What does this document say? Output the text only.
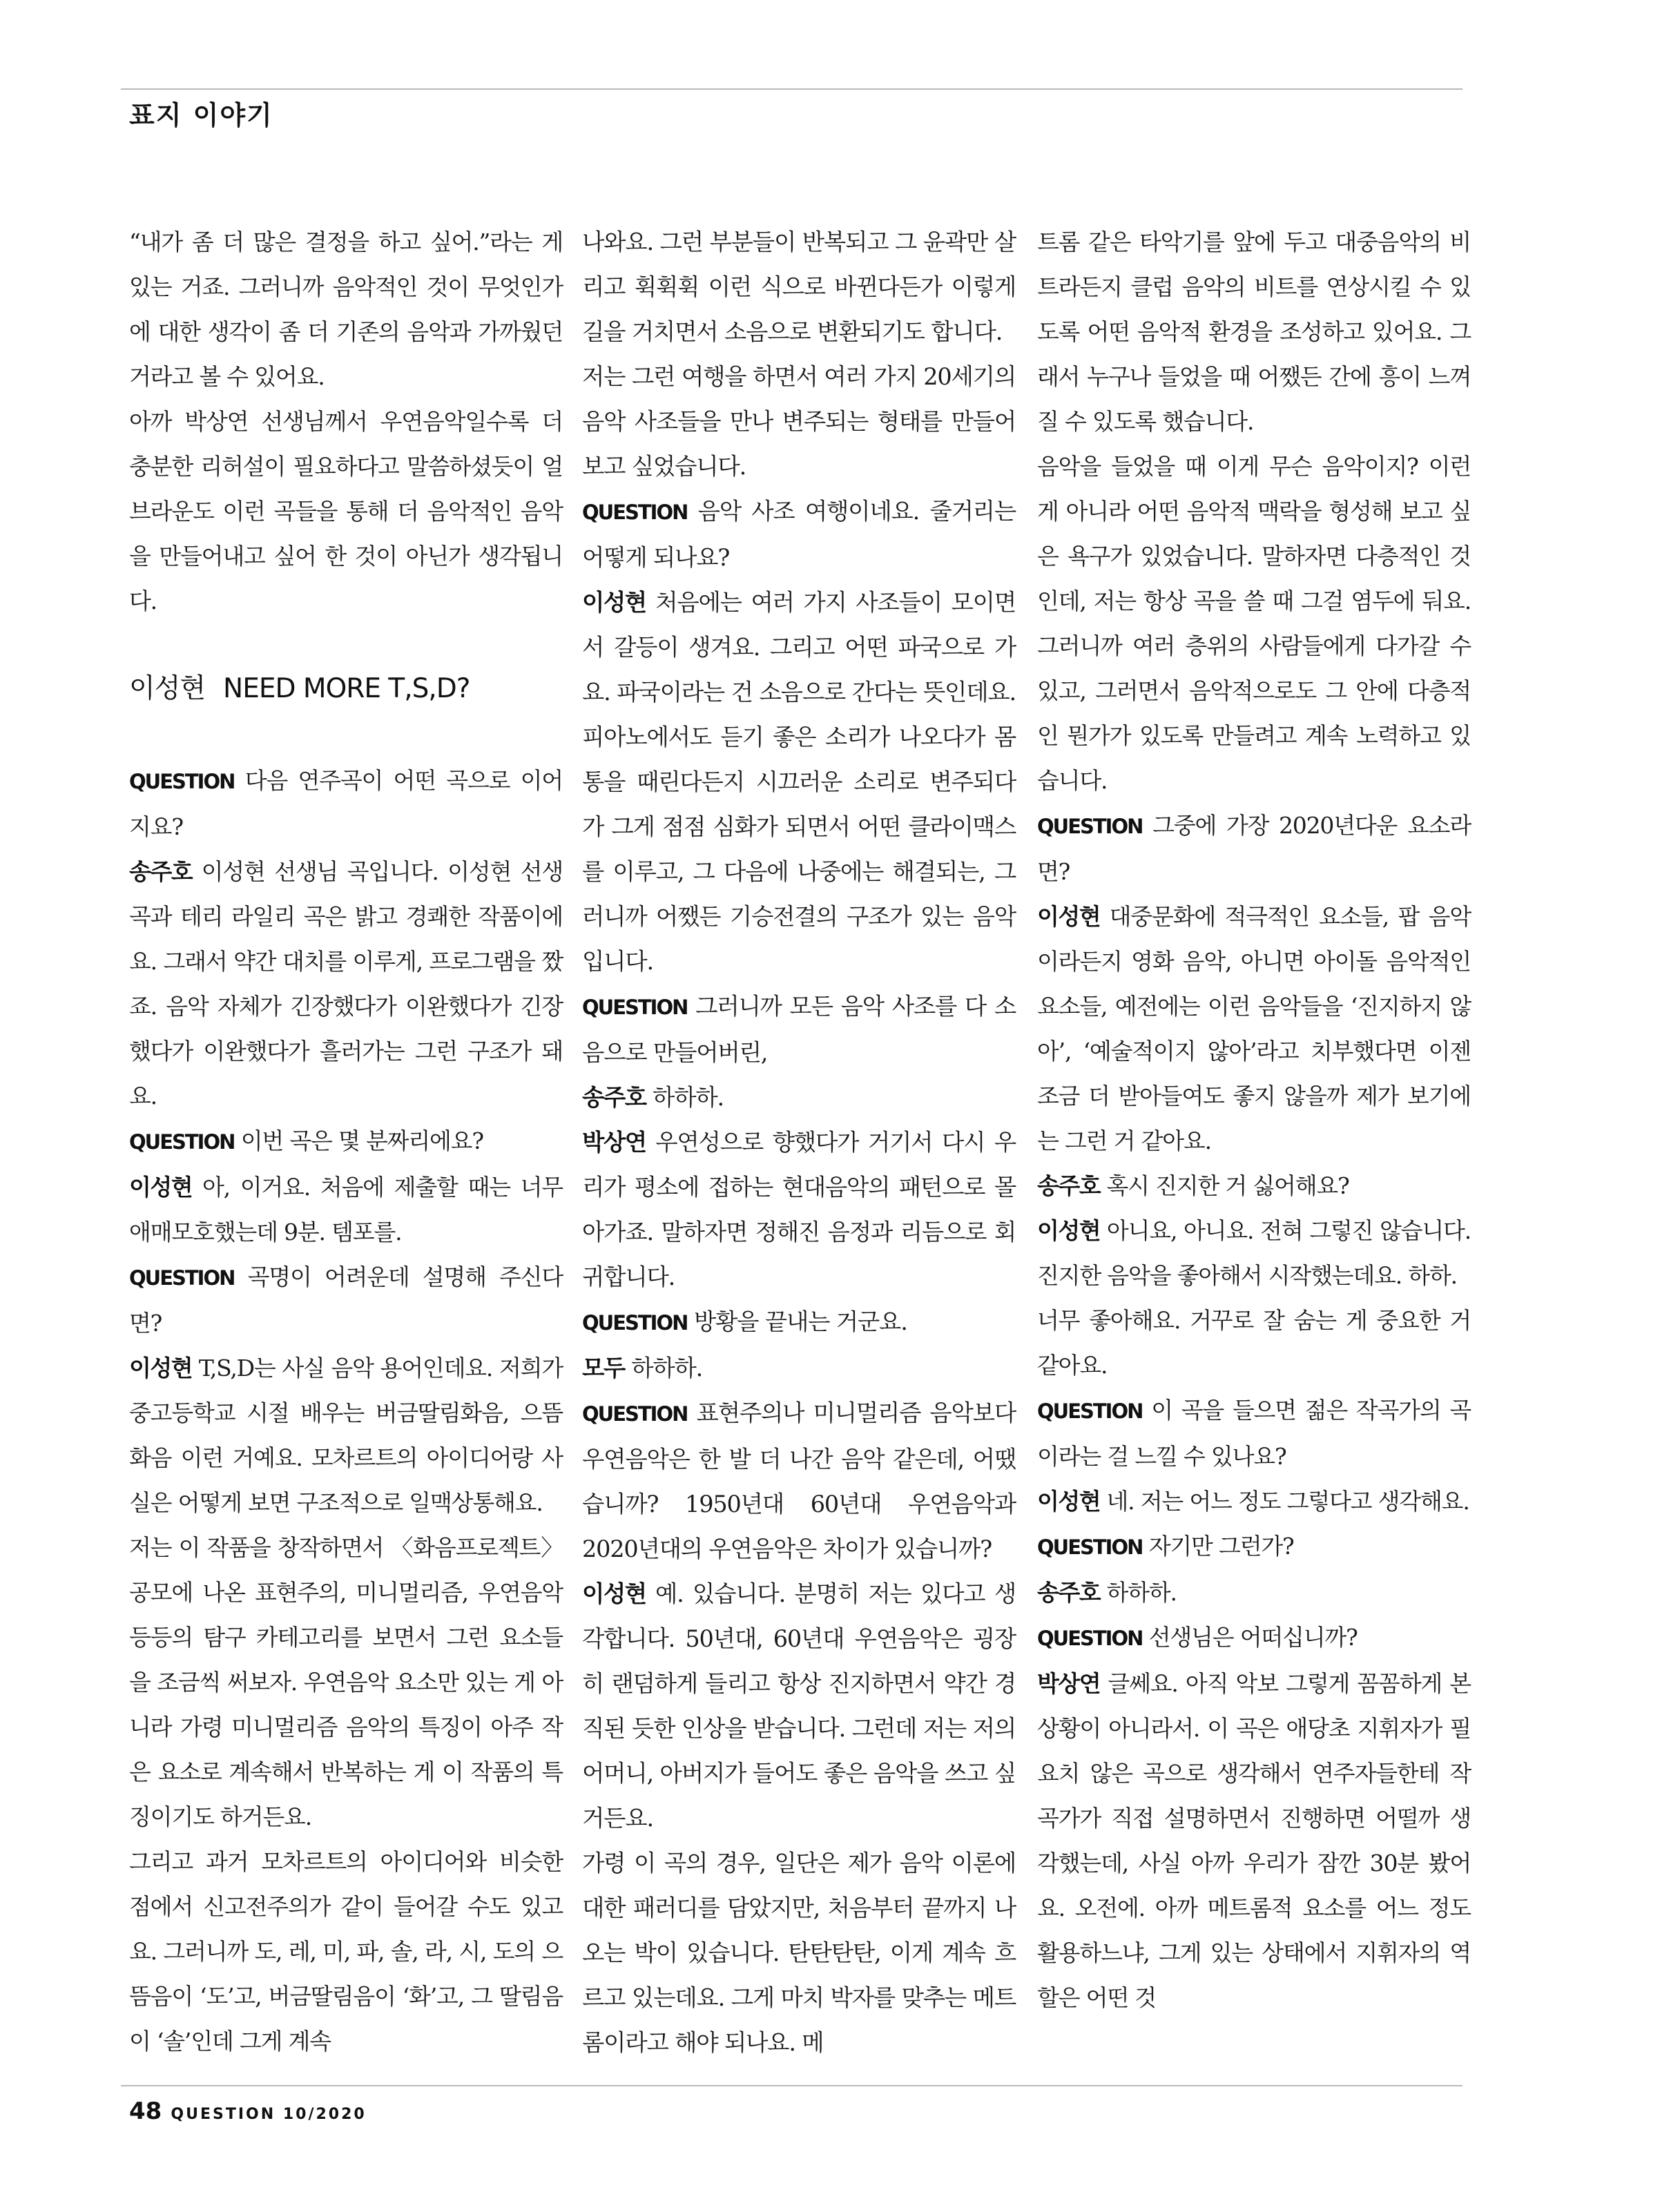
표지 이야기

“내가 좀 더 많은 결정을 하고 싶어.”라는 게 있는 거죠. 그러니까 음악적인 것이 무엇인가에 대한 생각이 좀 더 기존의 음악과 가까웠던 거라고 볼 수 있어요.

아까 박상연 선생님께서 우연음악일수록 더 충분한 리허설이 필요하다고 말씀하셨듯이 얼 브라운도 이런 곡들을 통해 더 음악적인 음악을 만들어내고 싶어 한 것이 아닌가 생각됩니다.

이성현 NEED MORE T,S,D?

QUESTION 다음 연주곡이 어떤 곡으로 이어지요?

송주호 이성현 선생님 곡입니다. 이성현 선생 곡과 테리 라일리 곡은 밝고 경쾌한 작품이에요. 그래서 약간 대치를 이루게, 프로그램을 짰죠. 음악 자체가 긴장했다가 이완했다가 긴장했다가 이완했다가 흘러가는 그런 구조가 돼요.

QUESTION 이번 곡은 몇 분짜리에요?

이성현 아, 이거요. 처음에 제출할 때는 너무 애매모호했는데 9분. 템포를.

QUESTION 곡명이 어려운데 설명해 주신다면?

이성현 T,S,D는 사실 음악 용어인데요. 저희가 중고등학교 시절 배우는 버금딸림화음, 으뜸화음 이런 거예요. 모차르트의 아이디어랑 사실은 어떻게 보면 구조적으로 일맥상통해요.

저는 이 작품을 창작하면서 〈화음프로젝트〉 공모에 나온 표현주의, 미니멀리즘, 우연음악 등등의 탐구 카테고리를 보면서 그런 요소들을 조금씩 써보자. 우연음악 요소만 있는 게 아니라 가령 미니멀리즘 음악의 특징이 아주 작은 요소로 계속해서 반복하는 게 이 작품의 특징이기도 하거든요.

그리고 과거 모차르트의 아이디어와 비슷한 점에서 신고전주의가 같이 들어갈 수도 있고요. 그러니까 도, 레, 미, 파, 솔, 라, 시, 도의 으뜸음이 ‘도’고, 버금딸림음이 ‘화’고, 그 딸림음이 ‘솔’인데 그게 계속

나와요. 그런 부분들이 반복되고 그 윤곽만 살리고 휙휙휙 이런 식으로 바뀐다든가 이렇게 길을 거치면서 소음으로 변환되기도 합니다.

저는 그런 여행을 하면서 여러 가지 20세기의 음악 사조들을 만나 변주되는 형태를 만들어보고 싶었습니다.

QUESTION 음악 사조 여행이네요. 줄거리는 어떻게 되나요?

이성현 처음에는 여러 가지 사조들이 모이면서 갈등이 생겨요. 그리고 어떤 파국으로 가요. 파국이라는 건 소음으로 간다는 뜻인데요. 피아노에서도 듣기 좋은 소리가 나오다가 몸통을 때린다든지 시끄러운 소리로 변주되다가 그게 점점 심화가 되면서 어떤 클라이맥스를 이루고, 그 다음에 나중에는 해결되는, 그러니까 어쨌든 기승전결의 구조가 있는 음악입니다.

QUESTION 그러니까 모든 음악 사조를 다 소음으로 만들어버린,

송주호 하하하.

박상연 우연성으로 향했다가 거기서 다시 우리가 평소에 접하는 현대음악의 패턴으로 몰아가죠. 말하자면 정해진 음정과 리듬으로 회귀합니다.

QUESTION 방황을 끝내는 거군요.

모두 하하하.

QUESTION 표현주의나 미니멀리즘 음악보다 우연음악은 한 발 더 나간 음악 같은데, 어땠습니까? 1950년대 60년대 우연음악과 2020년대의 우연음악은 차이가 있습니까?

이성현 예. 있습니다. 분명히 저는 있다고 생각합니다. 50년대, 60년대 우연음악은 굉장히 랜덤하게 들리고 항상 진지하면서 약간 경직된 듯한 인상을 받습니다. 그런데 저는 저의 어머니, 아버지가 들어도 좋은 음악을 쓰고 싶거든요.

가령 이 곡의 경우, 일단은 제가 음악 이론에 대한 패러디를 담았지만, 처음부터 끝까지 나오는 박이 있습니다. 탄탄탄탄, 이게 계속 흐르고 있는데요. 그게 마치 박자를 맞추는 메트롬이라고 해야 되나요. 메

트롬 같은 타악기를 앞에 두고 대중음악의 비트라든지 클럽 음악의 비트를 연상시킬 수 있도록 어떤 음악적 환경을 조성하고 있어요. 그래서 누구나 들었을 때 어쨌든 간에 흥이 느껴질 수 있도록 했습니다.

음악을 들었을 때 이게 무슨 음악이지? 이런 게 아니라 어떤 음악적 맥락을 형성해 보고 싶은 욕구가 있었습니다. 말하자면 다층적인 것인데, 저는 항상 곡을 쓸 때 그걸 염두에 둬요. 그러니까 여러 층위의 사람들에게 다가갈 수 있고, 그러면서 음악적으로도 그 안에 다층적인 뭔가가 있도록 만들려고 계속 노력하고 있습니다.

QUESTION 그중에 가장 2020년다운 요소라면?

이성현 대중문화에 적극적인 요소들, 팝 음악이라든지 영화 음악, 아니면 아이돌 음악적인 요소들, 예전에는 이런 음악들을 ‘진지하지 않아’, ‘예술적이지 않아’라고 치부했다면 이젠 조금 더 받아들여도 좋지 않을까 제가 보기에는 그런 거 같아요.

송주호 혹시 진지한 거 싫어해요?

이성현 아니요, 아니요. 전혀 그렇진 않습니다. 진지한 음악을 좋아해서 시작했는데요. 하하.

너무 좋아해요. 거꾸로 잘 숨는 게 중요한 거 같아요.

QUESTION 이 곡을 들으면 젊은 작곡가의 곡이라는 걸 느낄 수 있나요?

이성현 네. 저는 어느 정도 그렇다고 생각해요.

QUESTION 자기만 그런가?

송주호 하하하.

QUESTION 선생님은 어떠십니까?

박상연 글쎄요. 아직 악보 그렇게 꼼꼼하게 본 상황이 아니라서. 이 곡은 애당초 지휘자가 필요치 않은 곡으로 생각해서 연주자들한테 작곡가가 직접 설명하면서 진행하면 어떨까 생각했는데, 사실 아까 우리가 잠깐 30분 봤어요. 오전에. 아까 메트롬적 요소를 어느 정도 활용하느냐, 그게 있는 상태에서 지휘자의 역할은 어떤 것

48 QUESTION 10/2020
